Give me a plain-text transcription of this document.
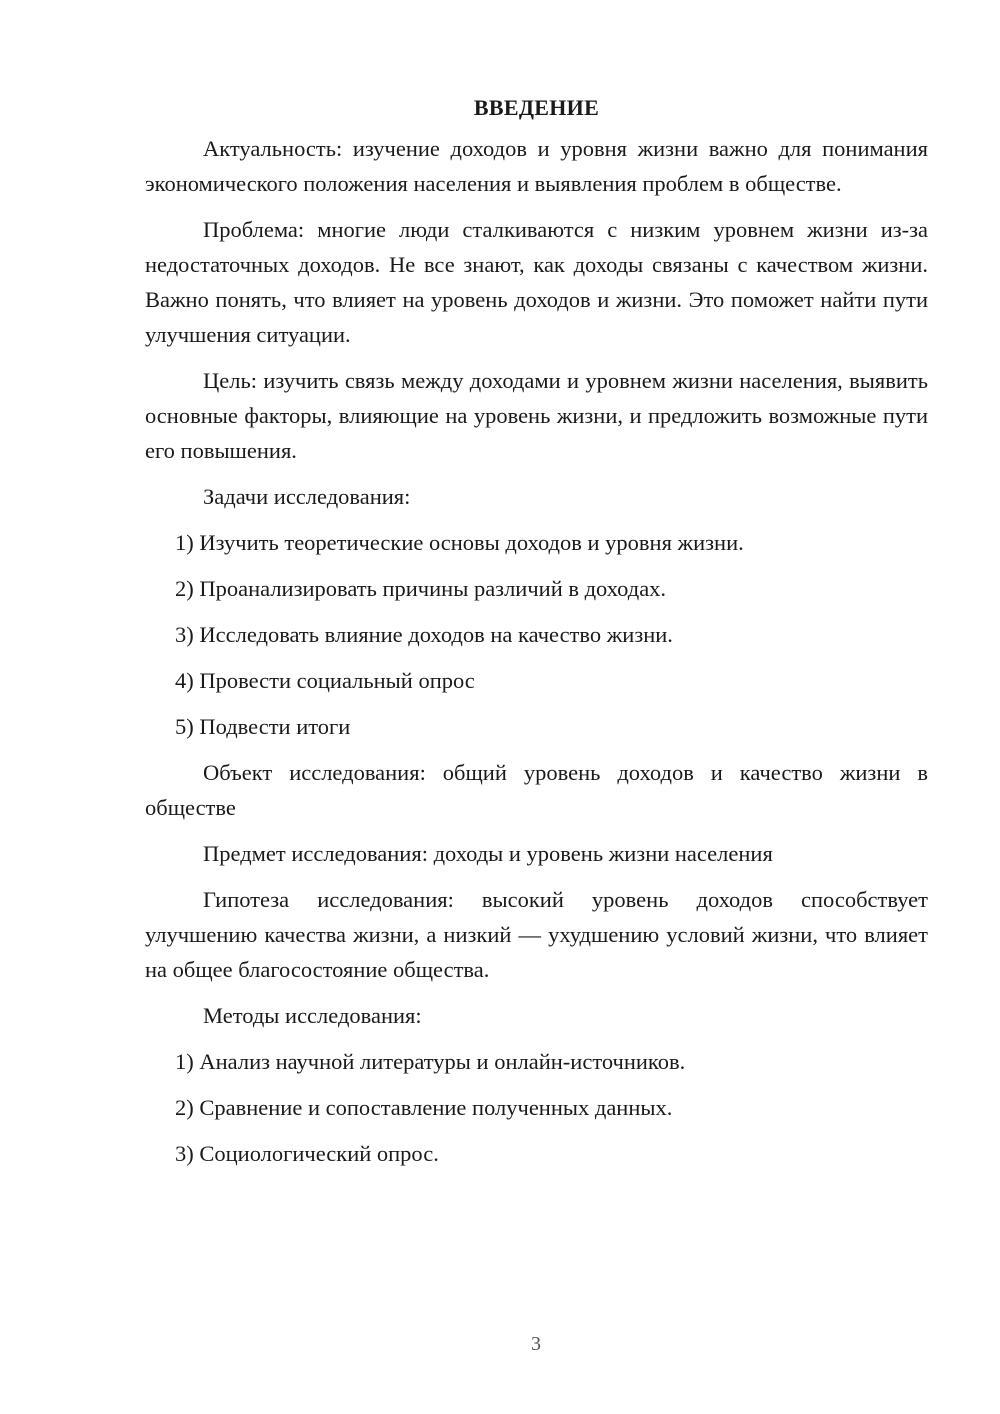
ВВЕДЕНИЕ

Актуальность: изучение доходов и уровня жизни важно для понимания экономического положения населения и выявления проблем в обществе.

Проблема: многие люди сталкиваются с низким уровнем жизни из-за недостаточных доходов. Не все знают, как доходы связаны с качеством жизни. Важно понять, что влияет на уровень доходов и жизни. Это поможет найти пути улучшения ситуации.

Цель: изучить связь между доходами и уровнем жизни населения, выявить основные факторы, влияющие на уровень жизни, и предложить возможные пути его повышения.

Задачи исследования:
1) Изучить теоретические основы доходов и уровня жизни.
2) Проанализировать причины различий в доходах.
3) Исследовать влияние доходов на качество жизни.
4) Провести социальный опрос
5) Подвести итоги

Объект исследования: общий уровень доходов и качество жизни в обществе

Предмет исследования: доходы и уровень жизни населения

Гипотеза исследования: высокий уровень доходов способствует улучшению качества жизни, а низкий — ухудшению условий жизни, что влияет на общее благосостояние общества.

Методы исследования:
1) Анализ научной литературы и онлайн-источников.
2) Сравнение и сопоставление полученных данных.
3) Социологический опрос.
3
